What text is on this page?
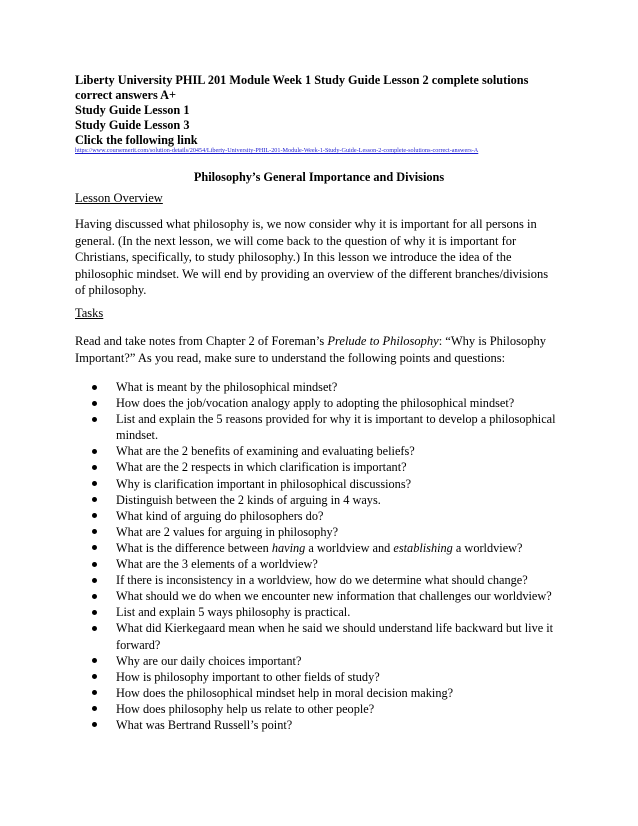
Liberty University PHIL 201 Module Week 1 Study Guide Lesson 2 complete solutions
correct answers A+
Study Guide Lesson 1
Study Guide Lesson 3
Click the following link
https://www.coursemerit.com/solution-details/20454/Liberty-University-PHIL-201-Module-Week-1-Study-Guide-Lesson-2-complete-solutions-correct-answers-A
Philosophy’s General Importance and Divisions
Lesson Overview
Having discussed what philosophy is, we now consider why it is important for all persons in
general. (In the next lesson, we will come back to the question of why it is important for
Christians, specifically, to study philosophy.) In this lesson we introduce the idea of the
philosophic mindset. We will end by providing an overview of the different branches/divisions
of philosophy.
Tasks
Read and take notes from Chapter 2 of Foreman’s Prelude to Philosophy: “Why is Philosophy
Important?” As you read, make sure to understand the following points and questions:
What is meant by the philosophical mindset?
How does the job/vocation analogy apply to adopting the philosophical mindset?
List and explain the 5 reasons provided for why it is important to develop a philosophical mindset.
What are the 2 benefits of examining and evaluating beliefs?
What are the 2 respects in which clarification is important?
Why is clarification important in philosophical discussions?
Distinguish between the 2 kinds of arguing in 4 ways.
What kind of arguing do philosophers do?
What are 2 values for arguing in philosophy?
What is the difference between having a worldview and establishing a worldview?
What are the 3 elements of a worldview?
If there is inconsistency in a worldview, how do we determine what should change?
What should we do when we encounter new information that challenges our worldview?
List and explain 5 ways philosophy is practical.
What did Kierkegaard mean when he said we should understand life backward but live it forward?
Why are our daily choices important?
How is philosophy important to other fields of study?
How does the philosophical mindset help in moral decision making?
How does philosophy help us relate to other people?
What was Bertrand Russell’s point?
